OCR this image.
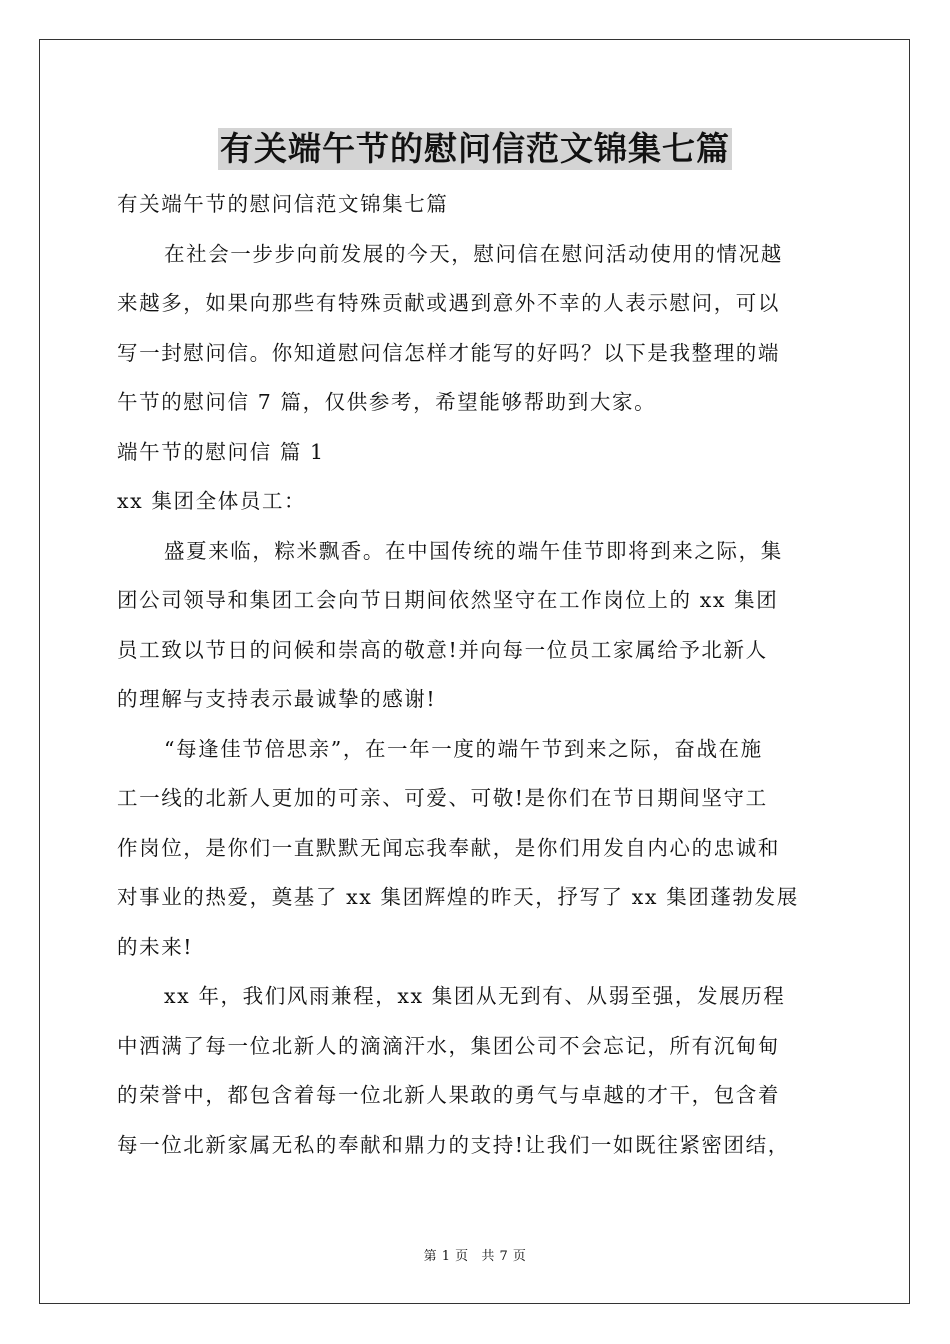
有关端午节的慰问信范文锦集七篇
有关端午节的慰问信范文锦集七篇
在社会一步步向前发展的今天，慰问信在慰问活动使用的情况越
来越多，如果向那些有特殊贡献或遇到意外不幸的人表示慰问，可以
写一封慰问信。你知道慰问信怎样才能写的好吗？以下是我整理的端
午节的慰问信 7 篇，仅供参考，希望能够帮助到大家。
端午节的慰问信 篇 1
xx 集团全体员工：
盛夏来临，粽米飘香。在中国传统的端午佳节即将到来之际，集
团公司领导和集团工会向节日期间依然坚守在工作岗位上的 xx 集团
员工致以节日的问候和崇高的敬意!并向每一位员工家属给予北新人
的理解与支持表示最诚挚的感谢!
“每逢佳节倍思亲”，在一年一度的端午节到来之际，奋战在施
工一线的北新人更加的可亲、可爱、可敬!是你们在节日期间坚守工
作岗位，是你们一直默默无闻忘我奉献，是你们用发自内心的忠诚和
对事业的热爱，奠基了 xx 集团辉煌的昨天，抒写了 xx 集团蓬勃发展
的未来!
xx 年，我们风雨兼程，xx 集团从无到有、从弱至强，发展历程
中洒满了每一位北新人的滴滴汗水，集团公司不会忘记，所有沉甸甸
的荣誉中，都包含着每一位北新人果敢的勇气与卓越的才干，包含着
每一位北新家属无私的奉献和鼎力的支持!让我们一如既往紧密团结，
第 1 页 共 7 页
